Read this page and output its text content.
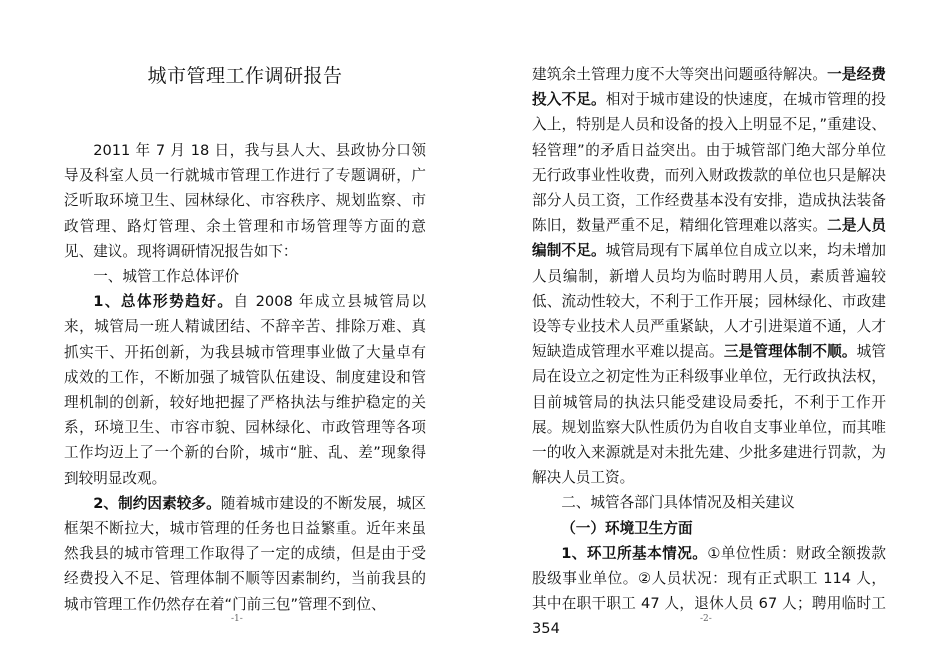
城市管理工作调研报告

2011 年 7 月 18 日，我与县人大、县政协分口领导及科室人员一行就城市管理工作进行了专题调研，广泛听取环境卫生、园林绿化、市容秩序、规划监察、市政管理、路灯管理、余土管理和市场管理等方面的意见、建议。现将调研情况报告如下：

一、城管工作总体评价

1、总体形势趋好。自 2008 年成立县城管局以来，城管局一班人精诚团结、不辞辛苦、排除万难、真抓实干、开拓创新，为我县城市管理事业做了大量卓有成效的工作，不断加强了城管队伍建设、制度建设和管理机制的创新，较好地把握了严格执法与维护稳定的关系，环境卫生、市容市貌、园林绿化、市政管理等各项工作均迈上了一个新的台阶，城市“脏、乱、差”现象得到较明显改观。

2、制约因素较多。随着城市建设的不断发展，城区框架不断拉大，城市管理的任务也日益繁重。近年来虽然我县的城市管理工作取得了一定的成绩，但是由于受经费投入不足、管理体制不顺等因素制约，当前我县的城市管理工作仍然存在着“门前三包”管理不到位、

建筑余土管理力度不大等突出问题亟待解决。一是经费投入不足。相对于城市建设的快速度，在城市管理的投入上，特别是人员和设备的投入上明显不足，”重建设、轻管理”的矛盾日益突出。由于城管部门绝大部分单位无行政事业性收费，而列入财政拨款的单位也只是解决部分人员工资，工作经费基本没有安排，造成执法装备陈旧，数量严重不足，精细化管理难以落实。二是人员编制不足。城管局现有下属单位自成立以来，均未增加人员编制，新增人员均为临时聘用人员，素质普遍较低、流动性较大，不利于工作开展；园林绿化、市政建设等专业技术人员严重紧缺，人才引进渠道不通，人才短缺造成管理水平难以提高。三是管理体制不顺。城管局在设立之初定性为正科级事业单位，无行政执法权，目前城管局的执法只能受建设局委托，不利于工作开展。规划监察大队性质仍为自收自支事业单位，而其唯一的收入来源就是对未批先建、少批多建进行罚款，为解决人员工资。

二、城管各部门具体情况及相关建议

（一）环境卫生方面

1、环卫所基本情况。①单位性质：财政全额拨款股级事业单位。②人员状况：现有正式职工 114 人，其中在职干职工 47 人，退休人员 67 人；聘用临时工 354

-1-	-2-
